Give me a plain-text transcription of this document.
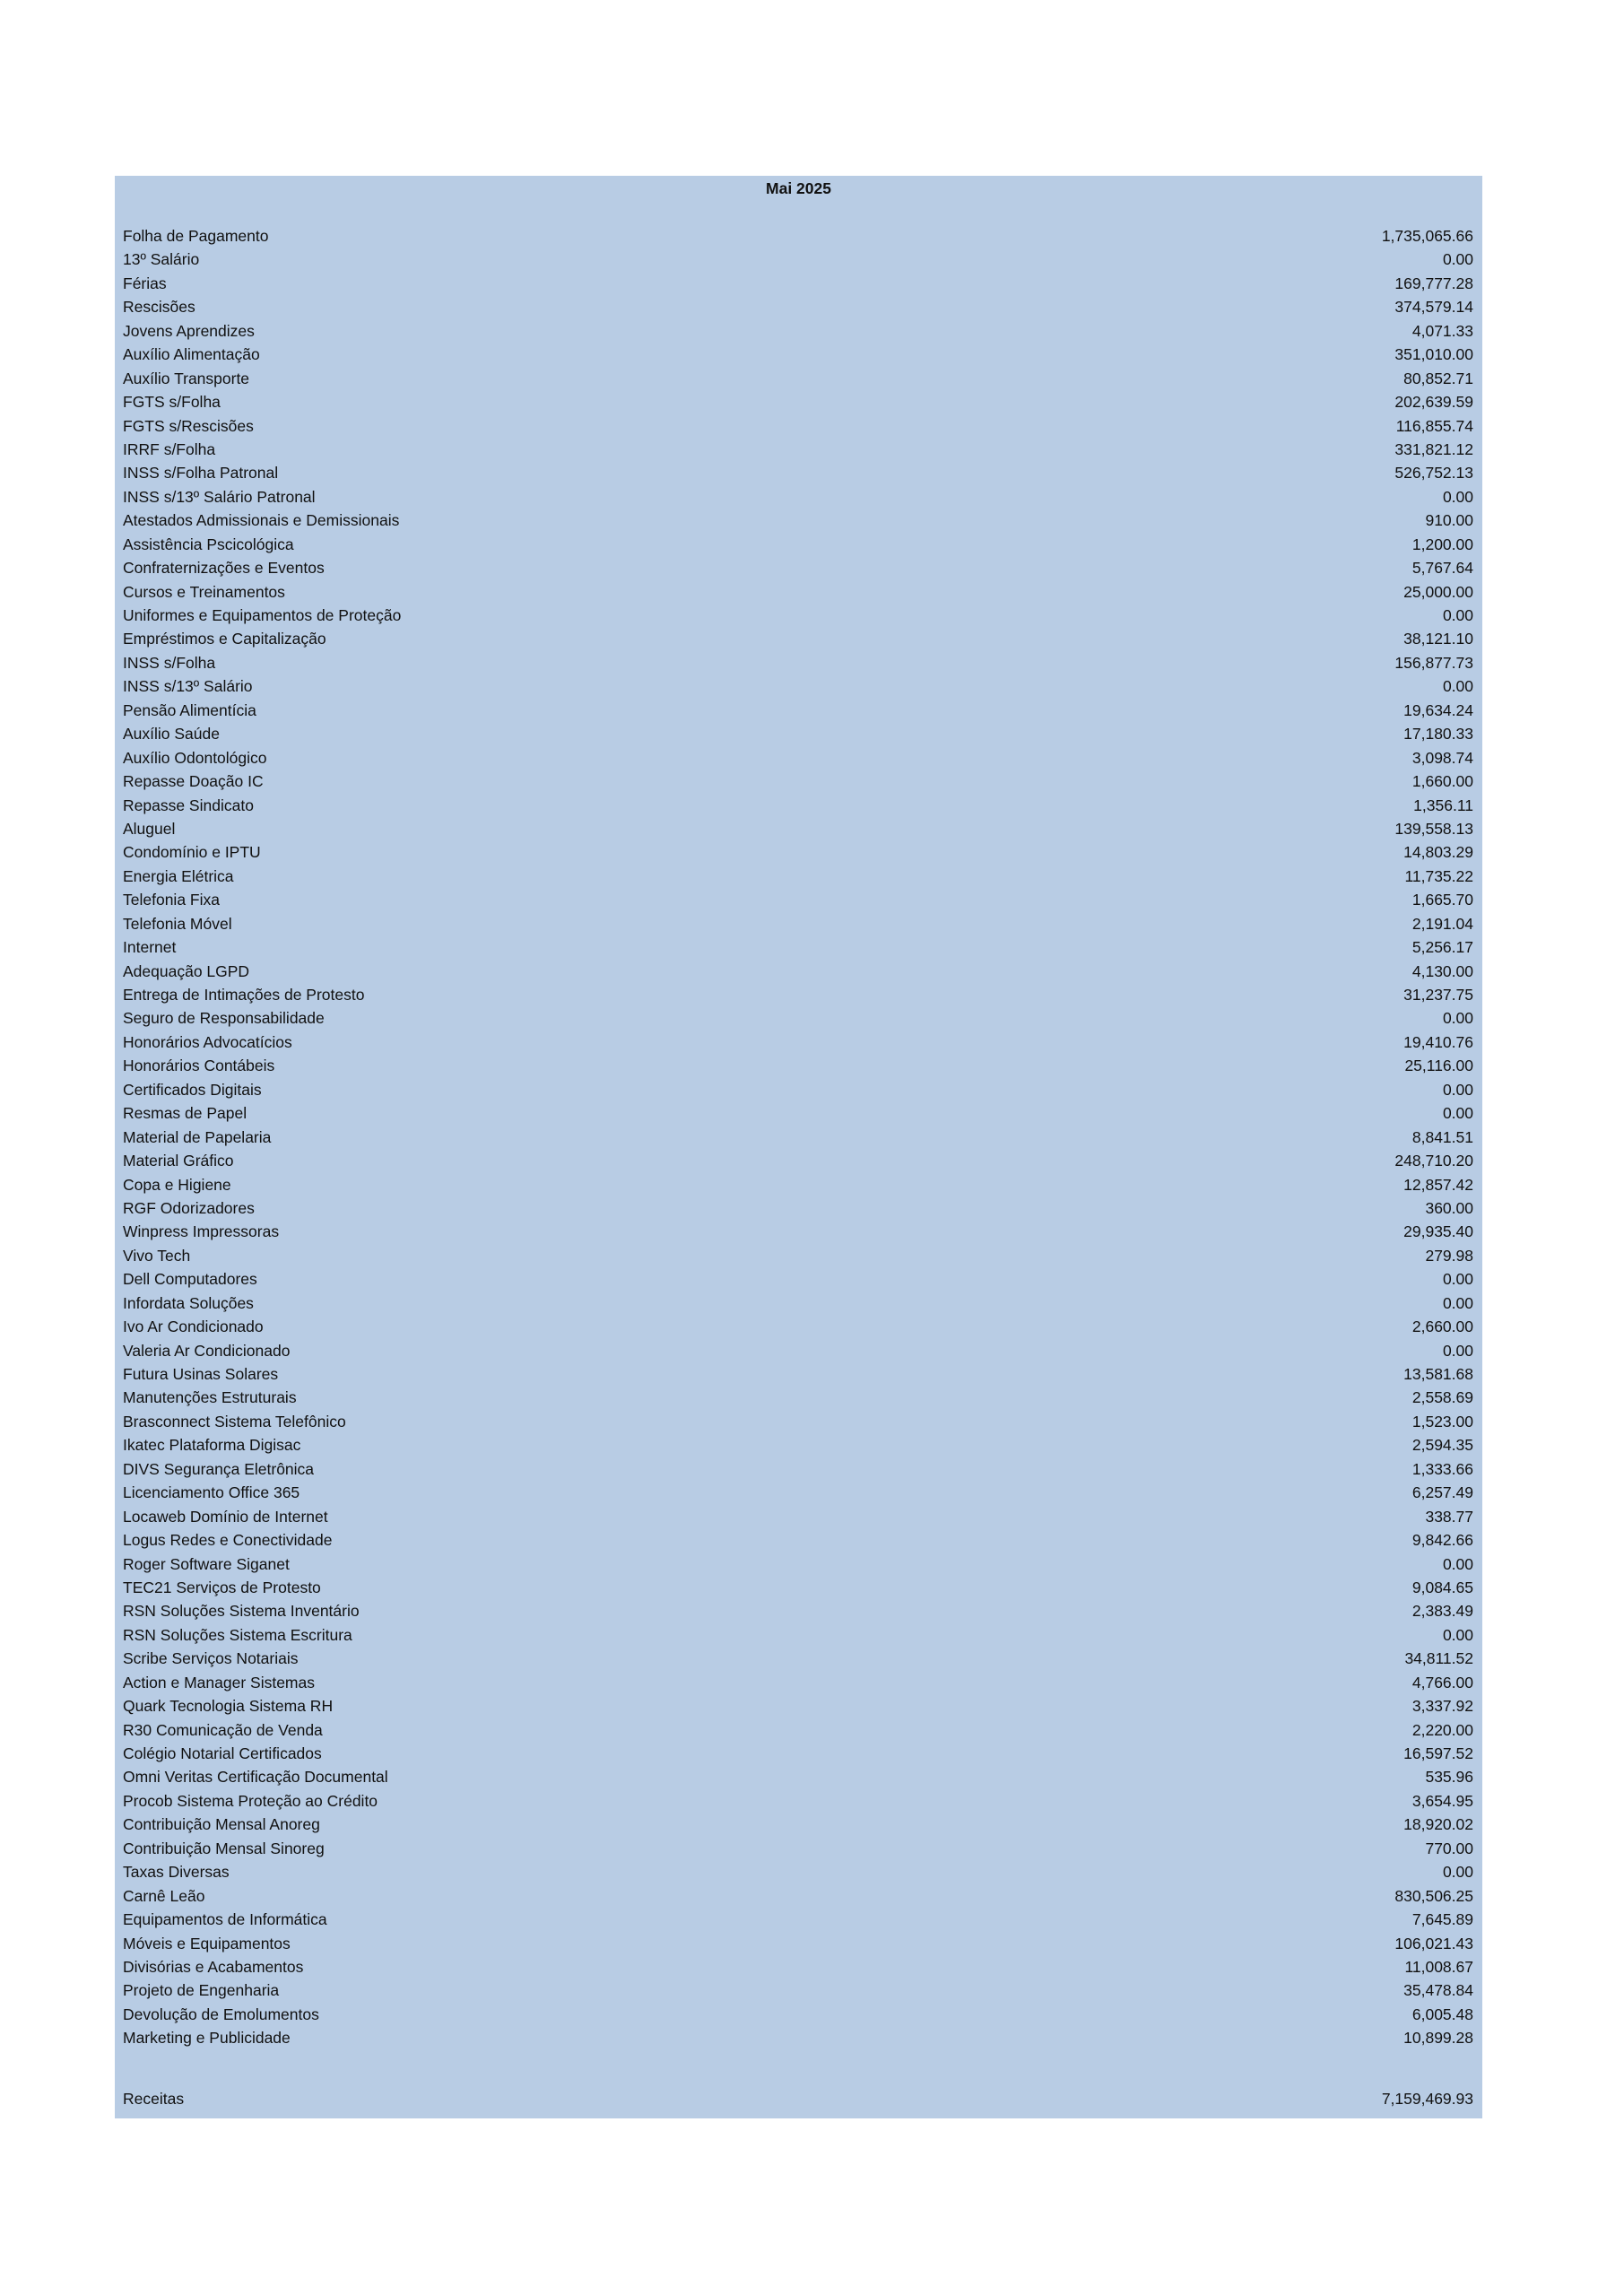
Mai 2025
Folha de Pagamento	1,735,065.66
13º Salário	0.00
Férias	169,777.28
Rescisões	374,579.14
Jovens Aprendizes	4,071.33
Auxílio Alimentação	351,010.00
Auxílio Transporte	80,852.71
FGTS s/Folha	202,639.59
FGTS s/Rescisões	116,855.74
IRRF s/Folha	331,821.12
INSS s/Folha Patronal	526,752.13
INSS s/13º Salário Patronal	0.00
Atestados Admissionais e Demissionais	910.00
Assistência Pscicológica	1,200.00
Confraternizações e Eventos	5,767.64
Cursos e Treinamentos	25,000.00
Uniformes e Equipamentos de Proteção	0.00
Empréstimos e Capitalização	38,121.10
INSS s/Folha	156,877.73
INSS s/13º Salário	0.00
Pensão Alimentícia	19,634.24
Auxílio Saúde	17,180.33
Auxílio Odontológico	3,098.74
Repasse Doação IC	1,660.00
Repasse Sindicato	1,356.11
Aluguel	139,558.13
Condomínio e IPTU	14,803.29
Energia Elétrica	11,735.22
Telefonia Fixa	1,665.70
Telefonia Móvel	2,191.04
Internet	5,256.17
Adequação LGPD	4,130.00
Entrega de Intimações de Protesto	31,237.75
Seguro de Responsabilidade	0.00
Honorários Advocatícios	19,410.76
Honorários Contábeis	25,116.00
Certificados Digitais	0.00
Resmas de Papel	0.00
Material de Papelaria	8,841.51
Material Gráfico	248,710.20
Copa e Higiene	12,857.42
RGF Odorizadores	360.00
Winpress Impressoras	29,935.40
Vivo Tech	279.98
Dell Computadores	0.00
Infordata Soluções	0.00
Ivo Ar Condicionado	2,660.00
Valeria Ar Condicionado	0.00
Futura Usinas Solares	13,581.68
Manutenções Estruturais	2,558.69
Brasconnect Sistema Telefônico	1,523.00
Ikatec Plataforma Digisac	2,594.35
DIVS Segurança Eletrônica	1,333.66
Licenciamento Office 365	6,257.49
Locaweb Domínio de Internet	338.77
Logus Redes e Conectividade	9,842.66
Roger Software Siganet	0.00
TEC21 Serviços de Protesto	9,084.65
RSN Soluções Sistema Inventário	2,383.49
RSN Soluções Sistema Escritura	0.00
Scribe Serviços Notariais	34,811.52
Action e Manager Sistemas	4,766.00
Quark Tecnologia Sistema RH	3,337.92
R30 Comunicação de Venda	2,220.00
Colégio Notarial Certificados	16,597.52
Omni Veritas Certificação Documental	535.96
Procob Sistema Proteção ao Crédito	3,654.95
Contribuição Mensal Anoreg	18,920.02
Contribuição Mensal Sinoreg	770.00
Taxas Diversas	0.00
Carnê Leão	830,506.25
Equipamentos de Informática	7,645.89
Móveis e Equipamentos	106,021.43
Divisórias e Acabamentos	11,008.67
Projeto de Engenharia	35,478.84
Devolução de Emolumentos	6,005.48
Marketing e Publicidade	10,899.28
Receitas	7,159,469.93
